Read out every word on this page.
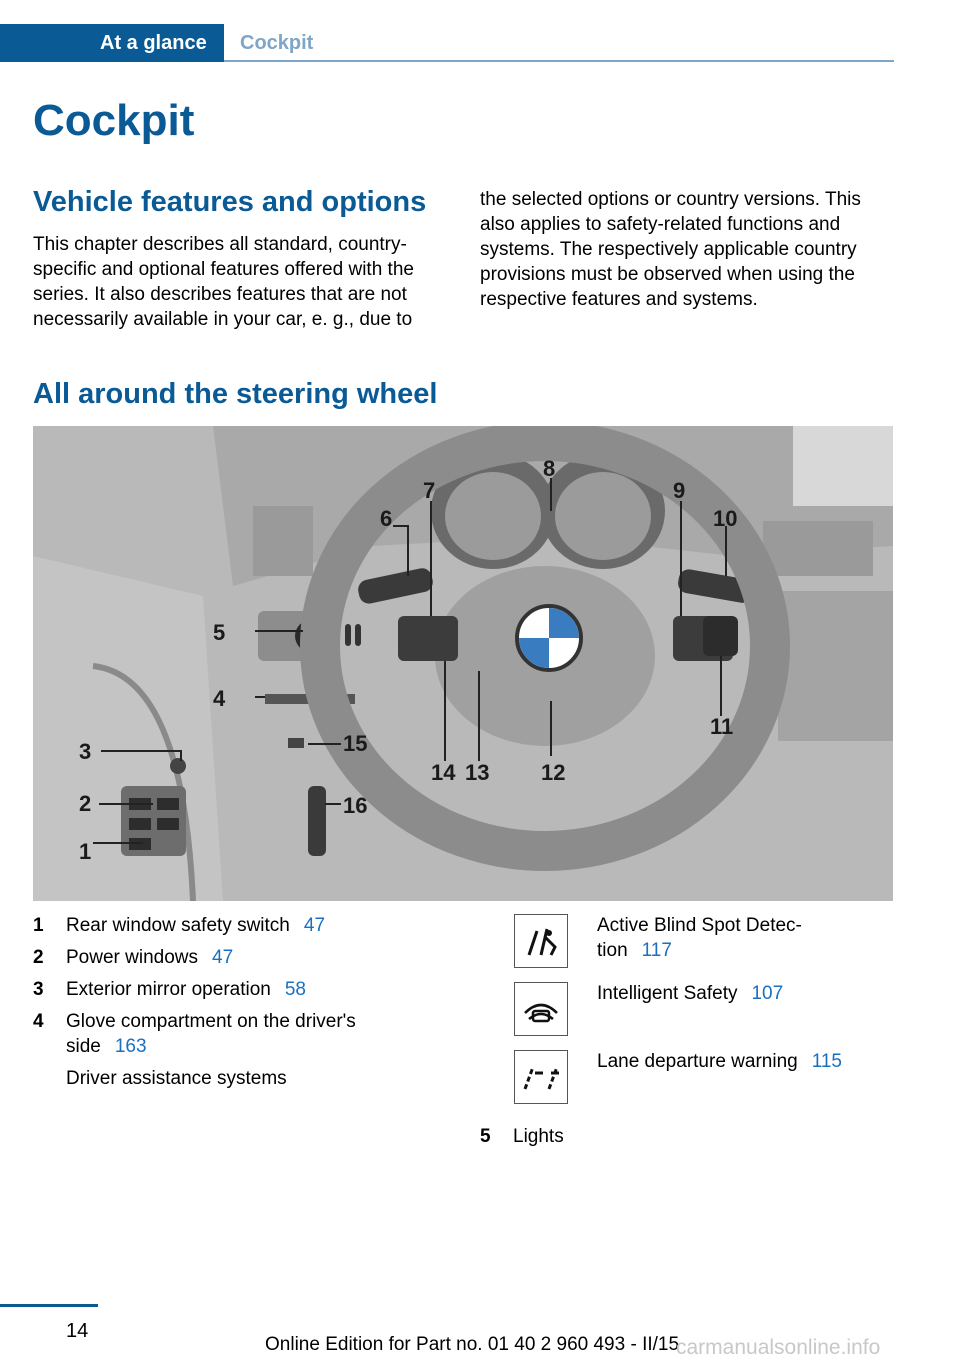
At a glance	Cockpit
Cockpit
Vehicle features and options
This chapter describes all standard, country-
specific and optional features offered with the
series. It also describes features that are not
necessarily available in your car, e. g., due to
the selected options or country versions. This
also applies to safety-related functions and
systems. The respectively applicable country
provisions must be observed when using the
respective features and systems.
All around the steering wheel
1
2
3
4
5
6
7
8
9
10
11
12
13
14
15
16
1 Rear window safety switch 47
2 Power windows 47
3 Exterior mirror operation 58
4 Glove compartment on the driver's
side 163
Driver assistance systems
Active Blind Spot Detec-
tion 117
Intelligent Safety 107
Lane departure warning 115
5 Lights
14
Online Edition for Part no. 01 40 2 960 493 - II/15
carmanualsonline.info
